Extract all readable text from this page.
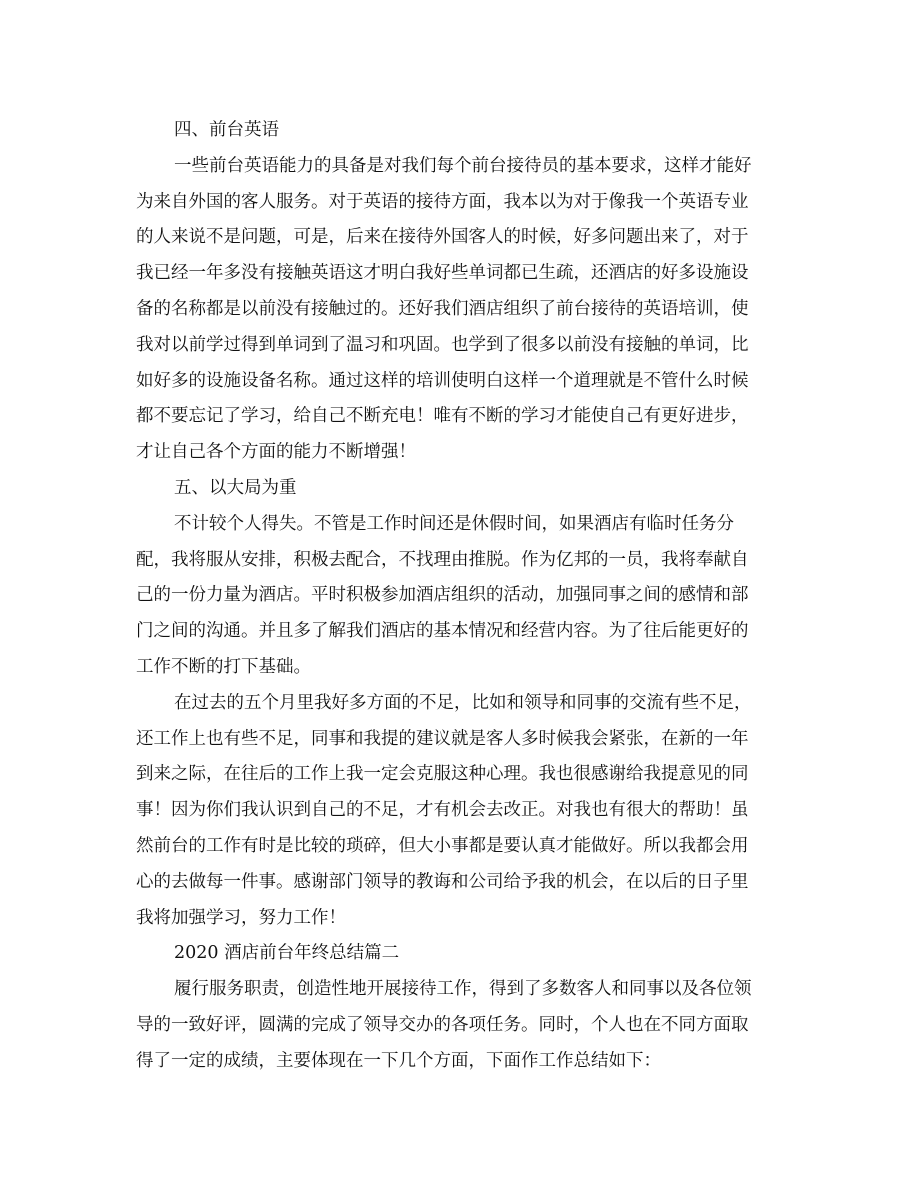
四、前台英语

一些前台英语能力的具备是对我们每个前台接待员的基本要求，这样才能好
为来自外国的客人服务。对于英语的接待方面，我本以为对于像我一个英语专业
的人来说不是问题，可是，后来在接待外国客人的时候，好多问题出来了，对于
我已经一年多没有接触英语这才明白我好些单词都已生疏，还酒店的好多设施设
备的名称都是以前没有接触过的。还好我们酒店组织了前台接待的英语培训，使
我对以前学过得到单词到了温习和巩固。也学到了很多以前没有接触的单词，比
如好多的设施设备名称。通过这样的培训使明白这样一个道理就是不管什么时候
都不要忘记了学习，给自己不断充电！唯有不断的学习才能使自己有更好进步，
才让自己各个方面的能力不断增强！

五、以大局为重

不计较个人得失。不管是工作时间还是休假时间，如果酒店有临时任务分
配，我将服从安排，积极去配合，不找理由推脱。作为亿邦的一员，我将奉献自
己的一份力量为酒店。平时积极参加酒店组织的活动，加强同事之间的感情和部
门之间的沟通。并且多了解我们酒店的基本情况和经营内容。为了往后能更好的
工作不断的打下基础。

在过去的五个月里我好多方面的不足，比如和领导和同事的交流有些不足，
还工作上也有些不足，同事和我提的建议就是客人多时候我会紧张，在新的一年
到来之际，在往后的工作上我一定会克服这种心理。我也很感谢给我提意见的同
事！因为你们我认识到自己的不足，才有机会去改正。对我也有很大的帮助！虽
然前台的工作有时是比较的琐碎，但大小事都是要认真才能做好。所以我都会用
心的去做每一件事。感谢部门领导的教诲和公司给予我的机会，在以后的日子里
我将加强学习，努力工作！

2020 酒店前台年终总结篇二

履行服务职责，创造性地开展接待工作，得到了多数客人和同事以及各位领
导的一致好评，圆满的完成了领导交办的各项任务。同时，个人也在不同方面取
得了一定的成绩，主要体现在一下几个方面，下面作工作总结如下：
